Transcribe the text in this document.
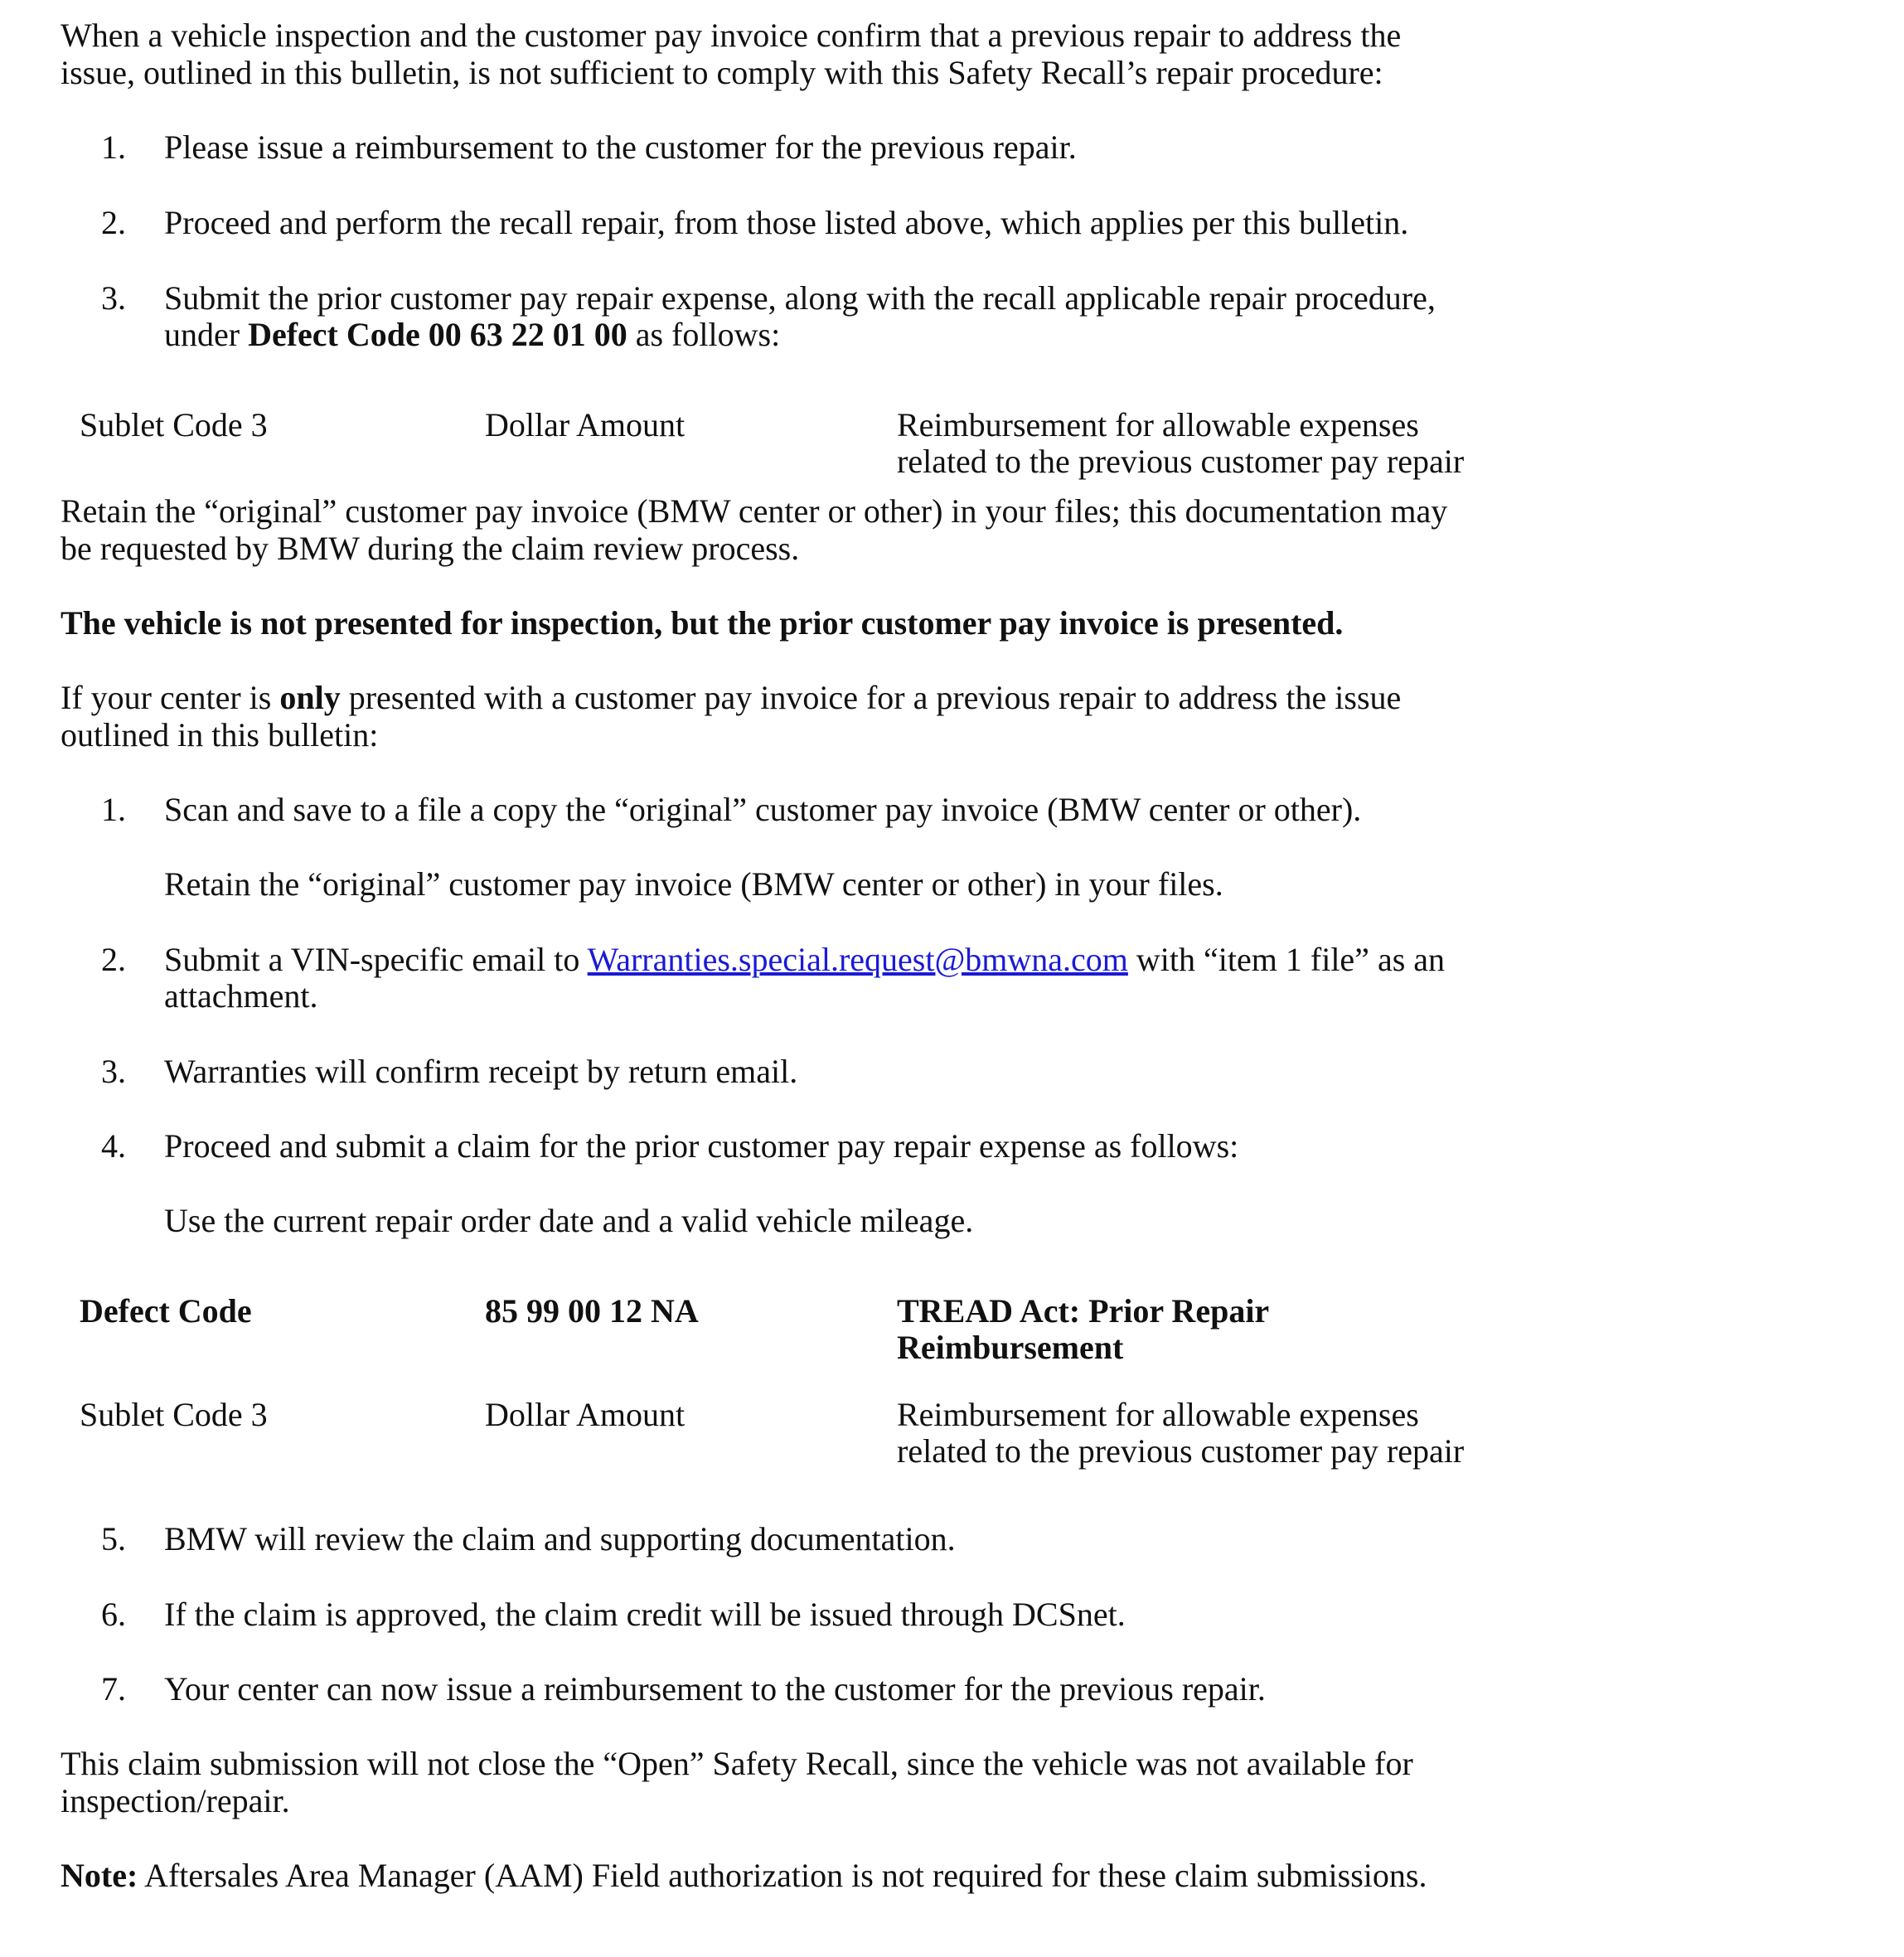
When a vehicle inspection and the customer pay invoice confirm that a previous repair to address the

issue, outlined in this bulletin, is not sufficient to comply with this Safety Recall’s repair procedure:

1. Please issue a reimbursement to the customer for the previous repair.

2. Proceed and perform the recall repair, from those listed above, which applies per this bulletin.

3. Submit the prior customer pay repair expense, along with the recall applicable repair procedure,

under Defect Code 00 63 22 01 00 as follows:

Sublet Code 3	Dollar Amount	Reimbursement for allowable expenses

related to the previous customer pay repair

Retain the “original” customer pay invoice (BMW center or other) in your files; this documentation may

be requested by BMW during the claim review process.

The vehicle is not presented for inspection, but the prior customer pay invoice is presented.

If your center is only presented with a customer pay invoice for a previous repair to address the issue

outlined in this bulletin:

1. Scan and save to a file a copy the “original” customer pay invoice (BMW center or other).

Retain the “original” customer pay invoice (BMW center or other) in your files.

2. Submit a VIN-specific email to Warranties.special.request@bmwna.com with “item 1 file” as an

attachment.

3. Warranties will confirm receipt by return email.

4. Proceed and submit a claim for the prior customer pay repair expense as follows:

Use the current repair order date and a valid vehicle mileage.

Defect Code	85 99 00 12 NA	TREAD Act: Prior Repair

Reimbursement

Sublet Code 3	Dollar Amount	Reimbursement for allowable expenses

related to the previous customer pay repair

5. BMW will review the claim and supporting documentation.

6. If the claim is approved, the claim credit will be issued through DCSnet.

7. Your center can now issue a reimbursement to the customer for the previous repair.

This claim submission will not close the “Open” Safety Recall, since the vehicle was not available for

inspection/repair.

Note: Aftersales Area Manager (AAM) Field authorization is not required for these claim submissions.
